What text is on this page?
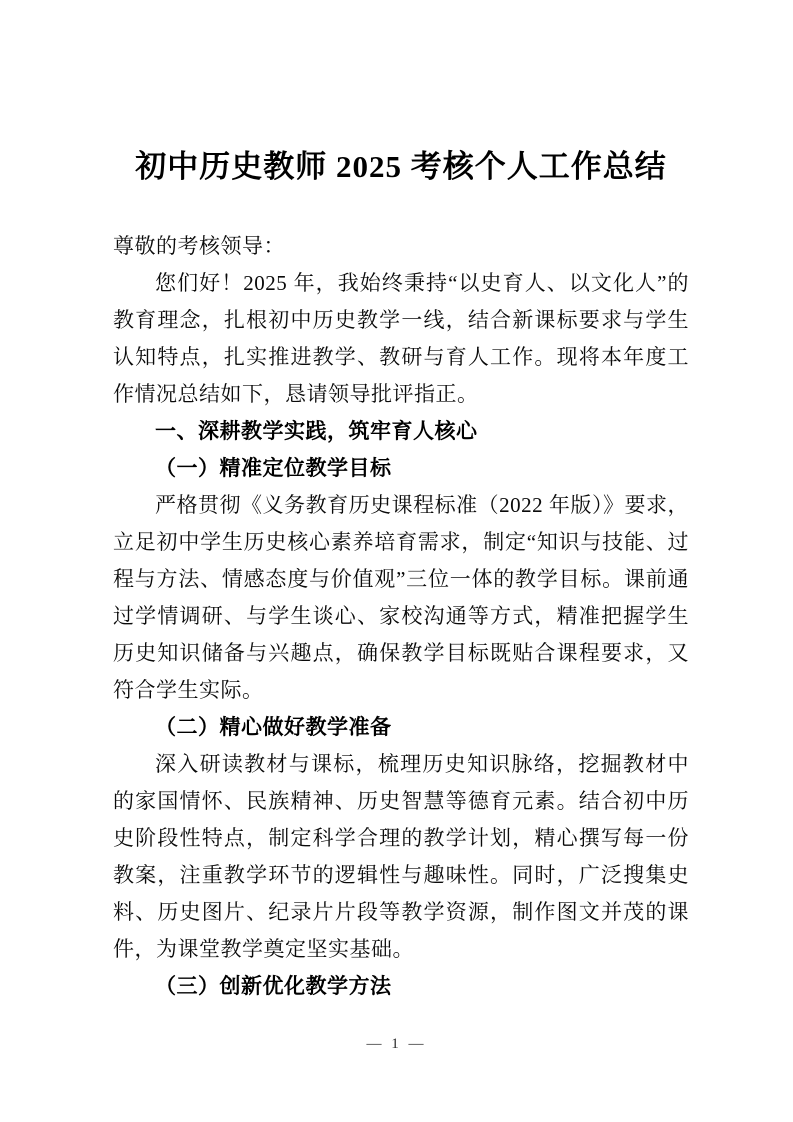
初中历史教师 2025 考核个人工作总结

尊敬的考核领导：

您们好！2025 年，我始终秉持“以史育人、以文化人”的教育理念，扎根初中历史教学一线，结合新课标要求与学生认知特点，扎实推进教学、教研与育人工作。现将本年度工作情况总结如下，恳请领导批评指正。

一、深耕教学实践，筑牢育人核心

（一）精准定位教学目标

严格贯彻《义务教育历史课程标准（2022 年版）》要求，立足初中学生历史核心素养培育需求，制定“知识与技能、过程与方法、情感态度与价值观”三位一体的教学目标。课前通过学情调研、与学生谈心、家校沟通等方式，精准把握学生历史知识储备与兴趣点，确保教学目标既贴合课程要求，又符合学生实际。

（二）精心做好教学准备

深入研读教材与课标，梳理历史知识脉络，挖掘教材中的家国情怀、民族精神、历史智慧等德育元素。结合初中历史阶段性特点，制定科学合理的教学计划，精心撰写每一份教案，注重教学环节的逻辑性与趣味性。同时，广泛搜集史料、历史图片、纪录片片段等教学资源，制作图文并茂的课件，为课堂教学奠定坚实基础。

（三）创新优化教学方法

— 1 —
